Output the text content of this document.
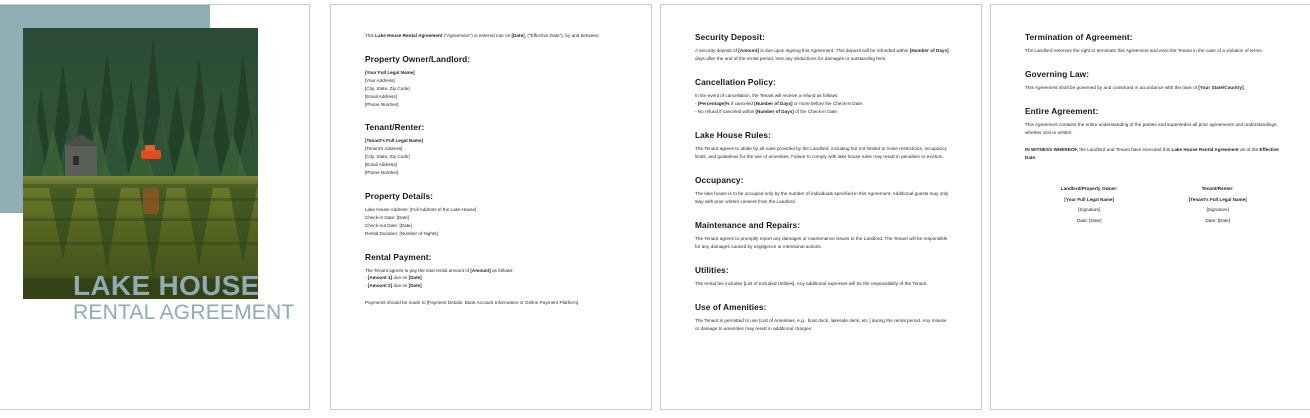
LAKE HOUSE
RENTAL AGREEMENT

This Lake House Rental Agreement (“Agreement”) is entered into on [Date], (“Effective Date”), by and between:

Property Owner/Landlord:
[Your Full Legal Name]
[Your Address]
[City, State, Zip Code]
[Email Address]
[Phone Number]
Tenant/Renter:
[Tenant’s Full Legal Name]
[Tenant’s Address]
[City, State, Zip Code]
[Email Address]
[Phone Number]
Property Details:
Lake House Address: [Full Address of the Lake House]
Check-in Date: [Date]
Check-out Date: [Date]
Rental Duration: [Number of Nights]
Rental Payment:
The Tenant agrees to pay the total rental amount of [Amount] as follows:
- [Amount 1] due on [Date]
- [Amount 2] due on [Date]

Payments should be made to [Payment Details: Bank Account Information or Online Payment Platform].

Security Deposit:

A security deposit of [Amount] is due upon signing this Agreement. This deposit will be refunded within [Number of Days] days after the end of the rental period, less any deductions for damages or outstanding fees.

Cancellation Policy:
In the event of cancellation, the Tenant will receive a refund as follows:
- [Percentage]% if canceled [Number of Days] or more before the Check-in Date.
- No refund if canceled within [Number of Days] of the Check-in Date.
Lake House Rules:

The Tenant agrees to abide by all rules provided by the Landlord, including but not limited to noise restrictions, occupancy limits, and guidelines for the use of amenities. Failure to comply with lake house rules may result in penalties or eviction.

Occupancy:

The lake house is to be occupied only by the number of individuals specified in this Agreement. Additional guests may only stay with prior written consent from the Landlord.

Maintenance and Repairs:

The Tenant agrees to promptly report any damages or maintenance issues to the Landlord. The Tenant will be responsible for any damages caused by negligence or intentional actions.

Utilities:

The rental fee includes [List of Included Utilities]. Any additional expenses will be the responsibility of the Tenant.

Use of Amenities:

The Tenant is permitted to use [List of Amenities, e.g., boat dock, lakeside deck, etc.] during the rental period. Any misuse or damage to amenities may result in additional charges.

Termination of Agreement:

The Landlord reserves the right to terminate this Agreement and evict the Tenant in the case of a violation of terms.

Governing Law:

This Agreement shall be governed by and construed in accordance with the laws of [Your State/Country].

Entire Agreement:

This Agreement contains the entire understanding of the parties and supersedes all prior agreements and understandings, whether oral or written.

IN WITNESS WHEREOF, the Landlord and Tenant have executed this Lake House Rental Agreement as of the Effective Date.

Landlord/Property Owner:
[Your Full Legal Name]
[Signature]
Date: [Date]
Tenant/Renter:
[Tenant’s Full Legal Name]
[Signature]
Date: [Date]
